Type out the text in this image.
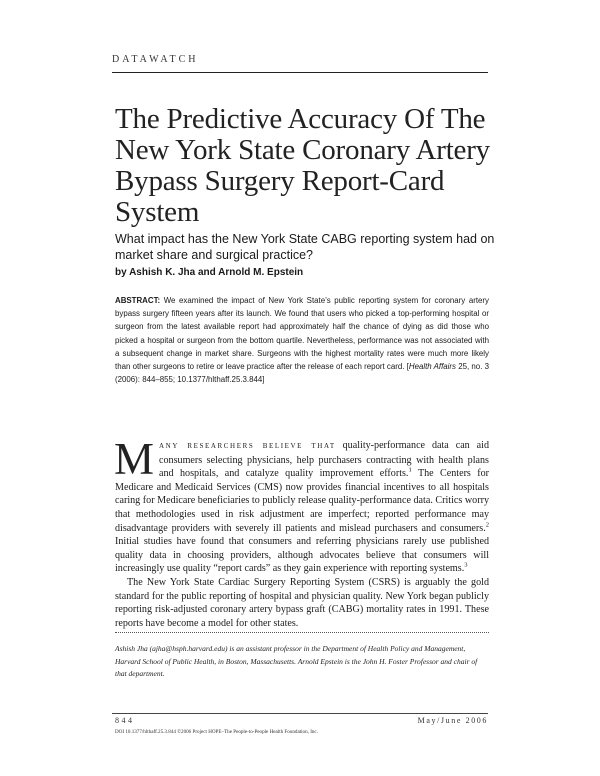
DATAWATCH
The Predictive Accuracy Of The New York State Coronary Artery Bypass Surgery Report-Card System

What impact has the New York State CABG reporting system had on market share and surgical practice?

by Ashish K. Jha and Arnold M. Epstein

ABSTRACT: We examined the impact of New York State’s public reporting system for coronary artery bypass surgery fifteen years after its launch. We found that users who picked a top-performing hospital or surgeon from the latest available report had approximately half the chance of dying as did those who picked a hospital or surgeon from the bottom quartile. Nevertheless, performance was not associated with a subsequent change in market share. Surgeons with the highest mortality rates were much more likely than other surgeons to retire or leave practice after the release of each report card. [Health Affairs 25, no. 3 (2006): 844–855; 10.1377/hlthaff.25.3.844]

Many researchers believe that quality-performance data can aid consumers selecting physicians, help purchasers contracting with health plans and hospitals, and catalyze quality improvement efforts.$^1$ The Centers for Medicare and Medicaid Services (CMS) now provides financial incentives to all hospitals caring for Medicare beneficiaries to publicly release quality-performance data. Critics worry that methodologies used in risk adjustment are imperfect; reported performance may disadvantage providers with severely ill patients and mislead purchasers and consumers.$^2$ Initial studies have found that consumers and referring physicians rarely use published quality data in choosing providers, although advocates believe that consumers will increasingly use quality “report cards” as they gain experience with reporting systems.$^3$

The New York State Cardiac Surgery Reporting System (CSRS) is arguably the gold standard for the public reporting of hospital and physician quality. New York began publicly reporting risk-adjusted coronary artery bypass graft (CABG) mortality rates in 1991. These reports have become a model for other states.

Ashish Jha (ajha@hsph.harvard.edu) is an assistant professor in the Department of Health Policy and Management, Harvard School of Public Health, in Boston, Massachusetts. Arnold Epstein is the John H. Foster Professor and chair of that department.

844	May/June 2006
DOI 10.1377/hlthaff.25.3.844 ©2006 Project HOPE–The People-to-People Health Foundation, Inc.
